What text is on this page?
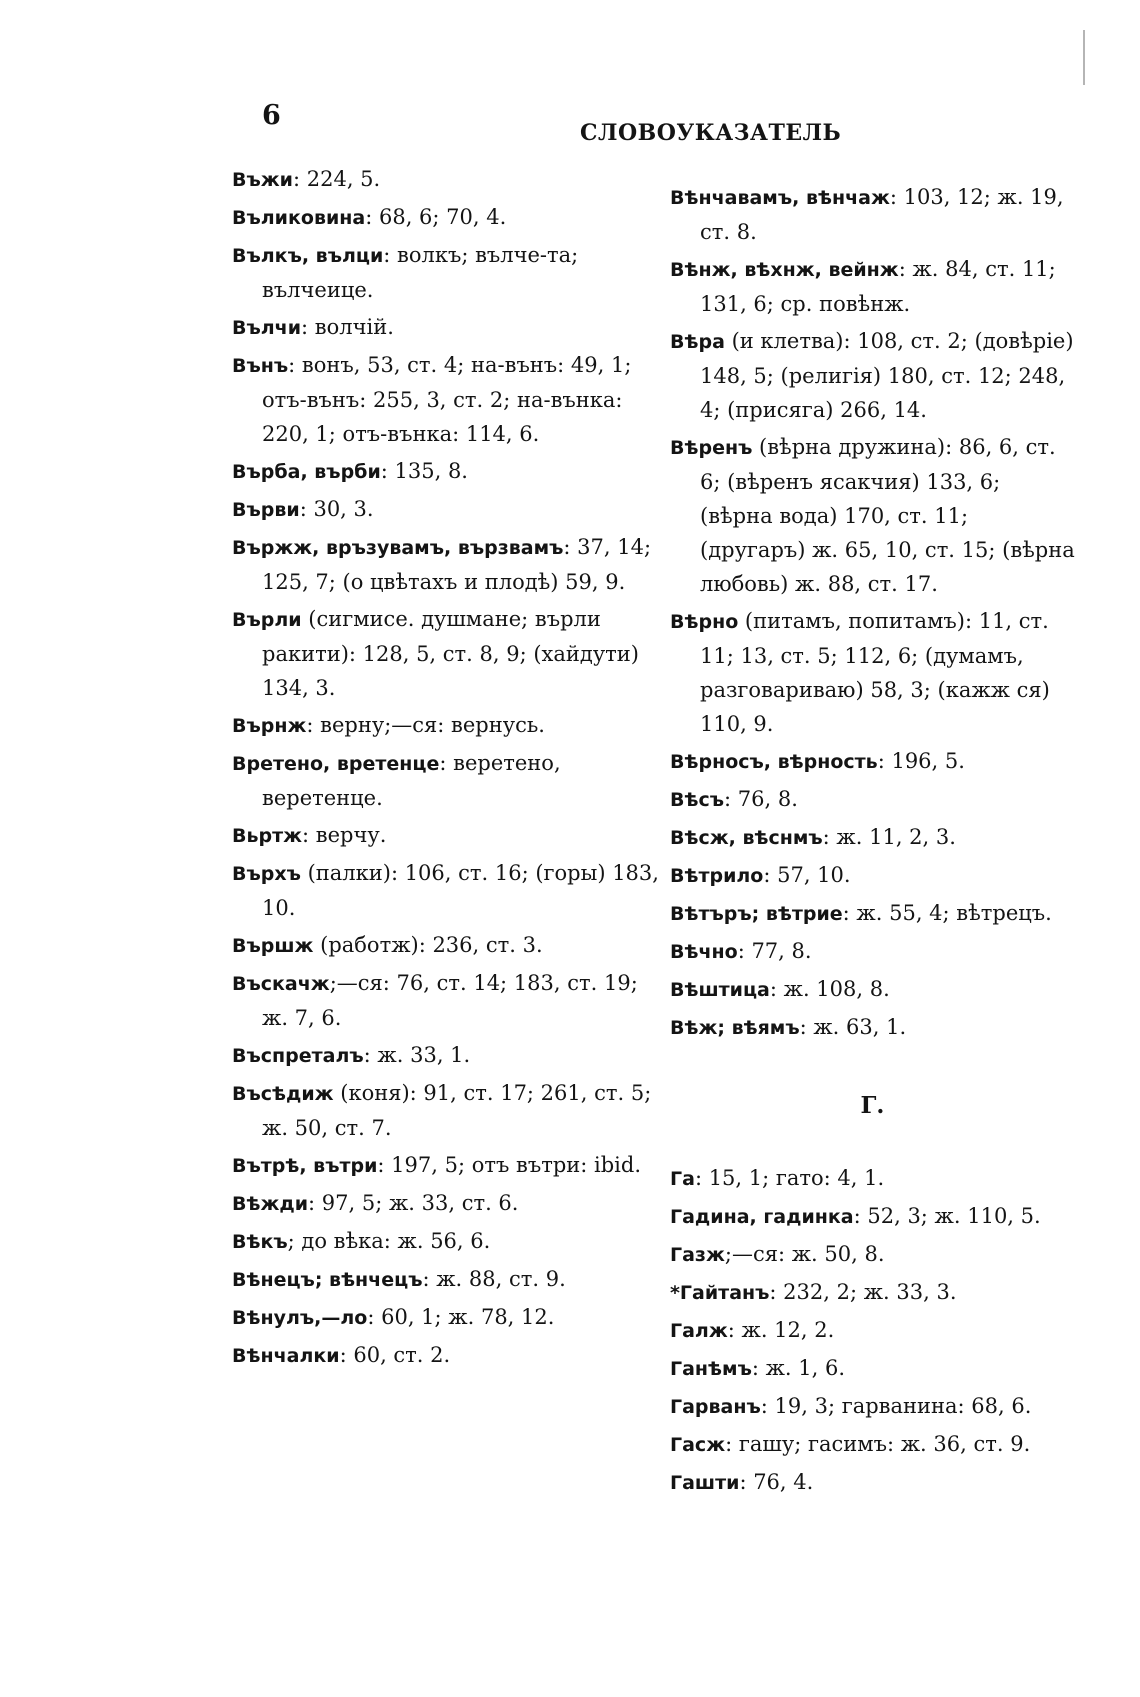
6
СЛОВОУКАЗАТЕЛЬ
Въжи: 224, 5.
Въликовина: 68, 6; 70, 4.
Вълкъ, вълци: волкъ; вълче-та; вълчеице.
Вълчи: волчiй.
Вънъ: вонъ, 53, ст. 4; на-вънъ: 49, 1; отъ-вънъ: 255, 3, ст. 2; на-вънка: 220, 1; отъ-вънка: 114, 6.
Върба, върби: 135, 8.
Върви: 30, 3.
Вържж, връзувамъ, вързвамъ: 37, 14; 125, 7; (о цвѣтахъ и плодѣ) 59, 9.
Върли (сигмисе. душмане; върли ракити): 128, 5, ст. 8, 9; (хайдути) 134, 3.
Върнж: верну;—ся: вернусь.
Вретено, вретенце: веретено, веретенце.
Вьртж: верчу.
Върхъ (палки): 106, ст. 16; (горы) 183, 10.
Вършж (работж): 236, ст. 3.
Въскачж;—ся: 76, ст. 14; 183, ст. 19; ж. 7, 6.
Въспреталъ: ж. 33, 1.
Въсѣдиж (коня): 91, ст. 17; 261, ст. 5; ж. 50, ст. 7.
Вътрѣ, вътри: 197, 5; отъ вътри: ibid.
Вѣжди: 97, 5; ж. 33, ст. 6.
Вѣкъ; до вѣка: ж. 56, 6.
Вѣнецъ; вѣнчецъ: ж. 88, ст. 9.
Вѣнулъ,—ло: 60, 1; ж. 78, 12.
Вѣнчалки: 60, ст. 2.
Вѣнчавамъ, вѣнчаж: 103, 12; ж. 19, ст. 8.
Вѣнж, вѣхнж, вейнж: ж. 84, ст. 11; 131, 6; ср. повѣнж.
Вѣра (и клетва): 108, ст. 2; (довѣрiе) 148, 5; (религiя) 180, ст. 12; 248, 4; (присяга) 266, 14.
Вѣренъ (вѣрна дружина): 86, 6, ст. 6; (вѣренъ ясакчия) 133, 6; (вѣрна вода) 170, ст. 11; (другаръ) ж. 65, 10, ст. 15; (вѣрна любовь) ж. 88, ст. 17.
Вѣрно (питамъ, попитамъ): 11, ст. 11; 13, ст. 5; 112, 6; (думамъ, разговариваю) 58, 3; (кажж ся) 110, 9.
Вѣрносъ, вѣрность: 196, 5.
Вѣсъ: 76, 8.
Вѣсж, вѣснмъ: ж. 11, 2, 3.
Вѣтрило: 57, 10.
Вѣтъръ; вѣтрие: ж. 55, 4; вѣтрецъ.
Вѣчно: 77, 8.
Вѣштица: ж. 108, 8.
Вѣж; вѣямъ: ж. 63, 1.
Г.
Га: 15, 1; гато: 4, 1.
Гадина, гадинка: 52, 3; ж. 110, 5.
Газж;—ся: ж. 50, 8.
*Гайтанъ: 232, 2; ж. 33, 3.
Галж: ж. 12, 2.
Ганѣмъ: ж. 1, 6.
Гарванъ: 19, 3; гарванина: 68, 6.
Гасж: гашу; гасимъ: ж. 36, ст. 9.
Гашти: 76, 4.
